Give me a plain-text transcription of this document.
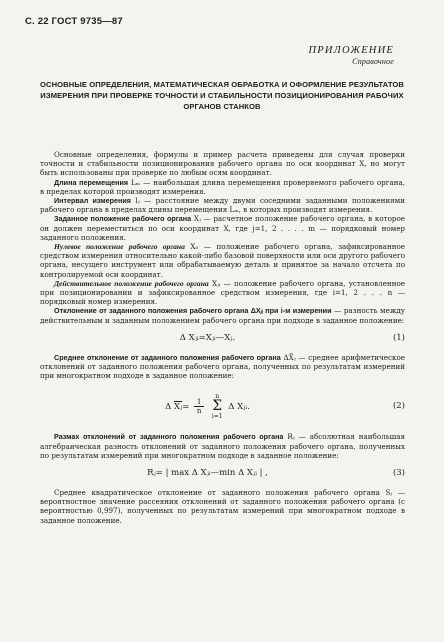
С. 22 ГОСТ 9735—87
ПРИЛОЖЕНИЕ
Справочное
ОСНОВНЫЕ ОПРЕДЕЛЕНИЯ, МАТЕМАТИЧЕСКАЯ ОБРАБОТКА И ОФОРМЛЕНИЕ РЕЗУЛЬТАТОВ ИЗМЕРЕНИЯ ПРИ ПРОВЕРКЕ ТОЧНОСТИ И СТАБИЛЬНОСТИ ПОЗИЦИОНИРОВАНИЯ РАБОЧИХ ОРГАНОВ СТАНКОВ

Основные определения, формулы и пример расчета приведены для случая проверки точности и стабильности позиционирования рабочего органа по оси координат X, но могут быть использованы при проверке по любым осям координат.

Длина перемещения Lₘ — наибольшая длина перемещения проверяемого рабочего органа, в пределах которой производят измерения.

Интервал измерения lⱼ — расстояние между двумя соседними заданными положениями рабочего органа в пределах длины перемещения Lₘ, в которых производят измерения.

Заданное положение рабочего органа Xⱼ — расчетное положение рабочего органа, в которое он должен переместиться по оси координат X, где j=1, 2 . . . . m — порядковый номер заданного положения.

Нулевое положение рабочего органа X₀ — положение рабочего органа, зафиксированное средством измерения относительно какой-либо базовой поверхности или оси другого рабочего органа, несущего инструмент или обрабатываемую деталь и принятое за начало отсчета по контролируемой оси координат.

Действительное положение рабочего органа Xⱼᵢ — положение рабочего органа, установленное при позиционировании и зафиксированное средством измерения, где i=1, 2 . . . n — порядковый номер измерения.

Отклонение от заданного положения рабочего органа ΔXⱼᵢ при i-м измерении — разность между действительным и заданным положением рабочего органа при подходе в заданное положение:

Δ Xⱼᵢ=Xⱼᵢ—Xⱼ.	(1)

Среднее отклонение от заданного положения рабочего органа ΔX̄ⱼ — среднее арифметическое отклонений от заданного положения рабочего органа, полученных по результатам измерений при многократном подходе в заданное положение:

Δ $\overline{Xⱼ}= \frac{1}{n}$

n
Σ
i=1
Δ Xⱼᵢ.	(2)

Размах отклонений от заданного положения рабочего органа Rⱼ — абсолютная наибольшая алгебраическая разность отклонений от заданного положения рабочего органа, полученных по результатам измерений при многократном подходе в заданное положение:

Rⱼ= | max Δ Xⱼᵢ—min Δ Xⱼᵢ | ,	(3)

Среднее квадратическое отклонение от заданного положения рабочего органа Sⱼ — вероятностное значение рассеяния отклонений от заданного положения рабочего органа (с вероятностью 0,997), полученных по результатам измерений при многократном подходе в заданное положение.
